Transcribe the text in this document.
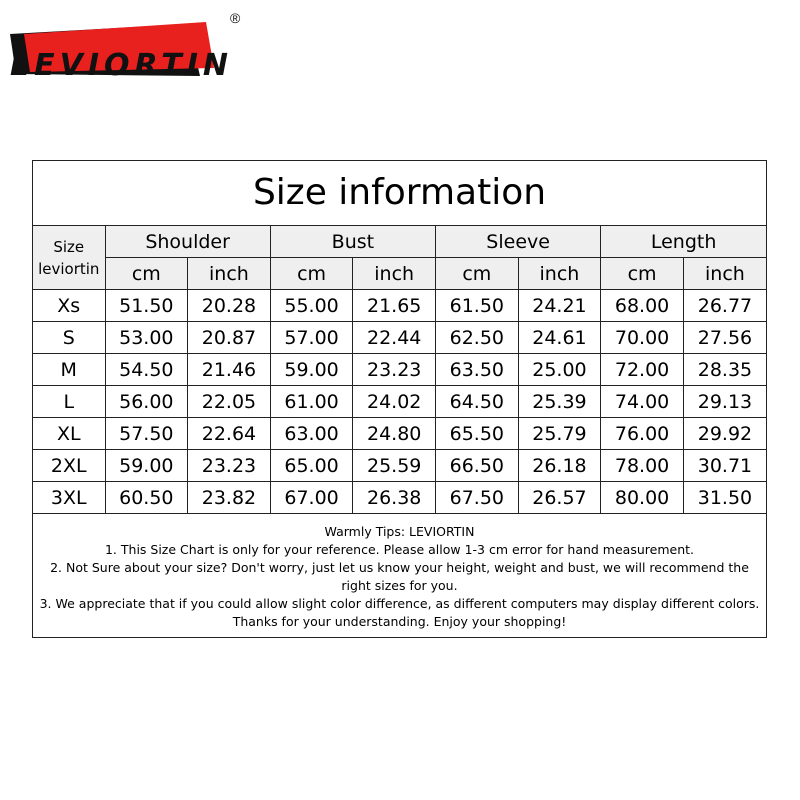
LEVIORTIN
®
Size information
Size
leviortin	Shoulder		Bust		Sleeve		Length	
	cm	inch	cm	inch	cm	inch	cm	inch
Xs	51.50	20.28	55.00	21.65	61.50	24.21	68.00	26.77
S	53.00	20.87	57.00	22.44	62.50	24.61	70.00	27.56
M	54.50	21.46	59.00	23.23	63.50	25.00	72.00	28.35
L	56.00	22.05	61.00	24.02	64.50	25.39	74.00	29.13
XL	57.50	22.64	63.00	24.80	65.50	25.79	76.00	29.92
2XL	59.00	23.23	65.00	25.59	66.50	26.18	78.00	30.71
3XL	60.50	23.82	67.00	26.38	67.50	26.57	80.00	31.50
Warmly Tips: LEVIORTIN
1. This Size Chart is only for your reference. Please allow 1-3 cm error for hand measurement.
2. Not Sure about your size? Don't worry, just let us know your height, weight and bust, we will recommend the right sizes for you.
3. We appreciate that if you could allow slight color difference, as different computers may display different colors.
Thanks for your understanding. Enjoy your shopping!
